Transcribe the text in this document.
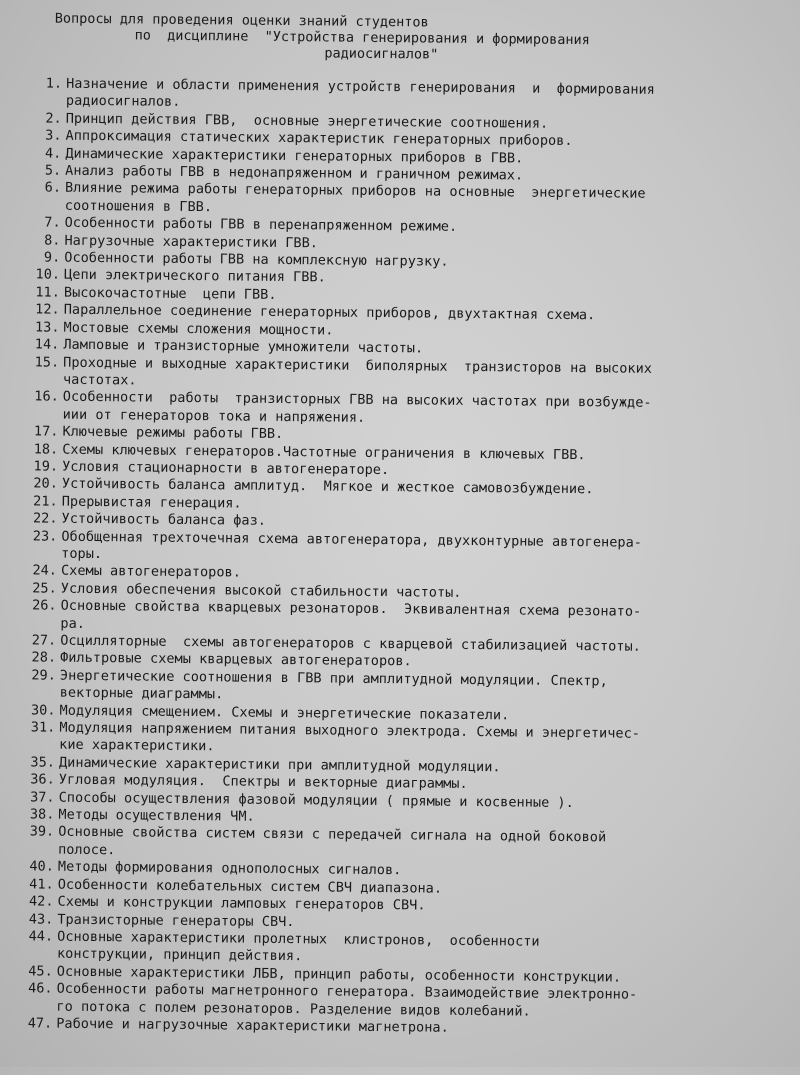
Вопросы для проведения оценки знаний студентов
по  дисциплине  "Устройства генерирования и формирования
радиосигналов"
1. Назначение и области применения устройств генерирования  и  формирования
радиосигналов.
2. Принцип действия ГВВ,  основные энергетические соотношения.
3. Аппроксимация статических характеристик генераторных приборов.
4. Динамические характеристики генераторных приборов в ГВВ.
5. Анализ работы ГВВ в недонапряженном и граничном режимах.
6. Влияние режима работы генераторных приборов на основные  энергетические
соотношения в ГВВ.
7. Особенности работы ГВВ в перенапряженном режиме.
8. Нагрузочные характеристики ГВВ.
9. Особенности работы ГВВ на комплексную нагрузку.
10. Цепи электрического питания ГВВ.
11. Высокочастотные  цепи ГВВ.
12. Параллельное соединение генераторных приборов, двухтактная схема.
13. Мостовые схемы сложения мощности.
14. Ламповые и транзисторные умножители частоты.
15. Проходные и выходные характеристики  биполярных  транзисторов на высоких
частотах.
16. Особенности  работы  транзисторных ГВВ на высоких частотах при возбужде-
иии от генераторов тока и напряжения.
17. Ключевые режимы работы ГВВ.
18. Схемы ключевых генераторов.Частотные ограничения в ключевых ГВВ.
19. Условия стационарности в автогенераторе.
20. Устойчивость баланса амплитуд.  Мягкое и жесткое самовозбуждение.
21. Прерывистая генерация.
22. Устойчивость баланса фаз.
23. Обобщенная трехточечная схема автогенератора, двухконтурные автогенера-
торы.
24. Схемы автогенераторов.
25. Условия обеспечения высокой стабильности частоты.
26. Основные свойства кварцевых резонаторов.  Эквивалентная схема резонато-
ра.
27. Осцилляторные  схемы автогенераторов с кварцевой стабилизацией частоты.
28. Фильтровые схемы кварцевых автогенераторов.
29. Энергетические соотношения в ГВВ при амплитудной модуляции. Спектр,
векторные диаграммы.
30. Модуляция смещением. Схемы и энергетические показатели.
31. Модуляция напряжением питания выходного электрода. Схемы и энергетичес-
кие характеристики.
35. Динамические характеристики при амплитудной модуляции.
36. Угловая модуляция.  Спектры и векторные диаграммы.
37. Способы осуществления фазовой модуляции ( прямые и косвенные ).
38. Методы осуществления ЧМ.
39. Основные свойства систем связи с передачей сигнала на одной боковой
полосе.
40. Методы формирования однополосных сигналов.
41. Особенности колебательных систем СВЧ диапазона.
42. Схемы и конструкции ламповых генераторов СВЧ.
43. Транзисторные генераторы СВЧ.
44. Основные характеристики пролетных  клистронов,  особенности
конструкции, принцип действия.
45. Основные характеристики ЛБВ, принцип работы, особенности конструкции.
46. Особенности работы магнетронного генератора. Взаимодействие электронно-
го потока с полем резонаторов. Разделение видов колебаний.
47. Рабочие и нагрузочные характеристики магнетрона.
